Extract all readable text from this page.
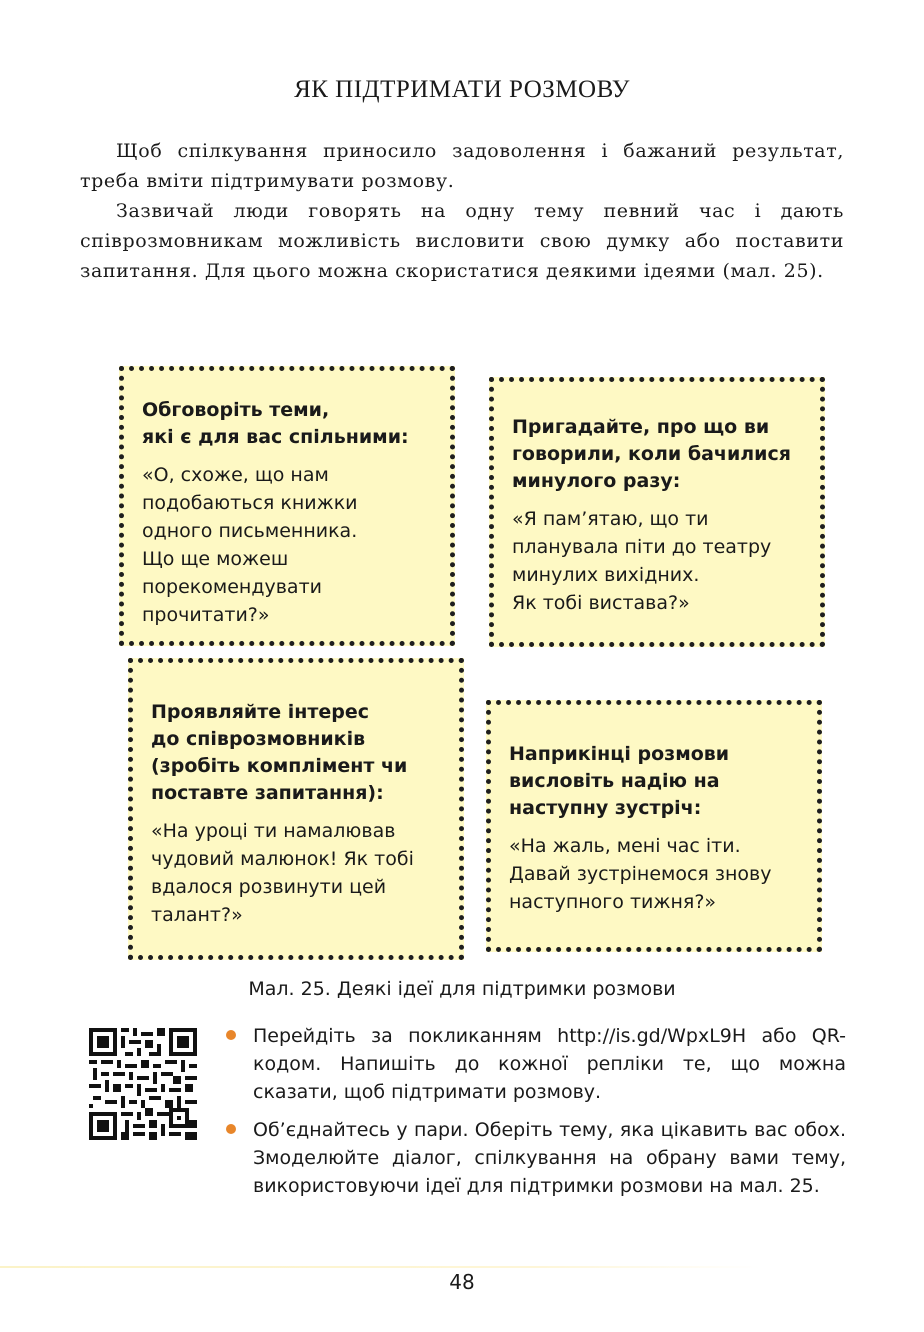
ЯК ПІДТРИМАТИ РОЗМОВУ

Щоб спілкування приносило задоволення і бажаний результат, треба вміти підтримувати розмову.

Зазвичай люди говорять на одну тему певний час і дають співрозмовникам можливість висловити свою думку або поставити запитання. Для цього можна скористатися деякими ідеями (мал. 25).

Обговоріть теми,
які є для вас спільними:
«О, схоже, що нам
подобаються книжки
одного письменника.
Що ще можеш
порекомендувати
прочитати?»
Пригадайте, про що ви
говорили, коли бачилися
минулого разу:
«Я пам’ятаю, що ти
планувала піти до театру
минулих вихідних.
Як тобі вистава?»
Проявляйте інтерес
до співрозмовників
(зробіть комплімент чи
поставте запитання):
«На уроці ти намалював
чудовий малюнок! Як тобі
вдалося розвинути цей
талант?»
Наприкінці розмови
висловіть надію на
наступну зустріч:
«На жаль, мені час іти.
Давай зустрінемося знову
наступного тижня?»
Мал. 25. Деякі ідеї для підтримки розмови
Перейдіть за покликанням http://is.gd/WpxL9H або QR-кодом. Напишіть до кожної репліки те, що можна сказати, щоб підтримати розмову.
Об’єднайтесь у пари. Оберіть тему, яка цікавить вас обох. Змоделюйте діалог, спілкування на обрану вами тему, використовуючи ідеї для підтримки розмови на мал. 25.
48
